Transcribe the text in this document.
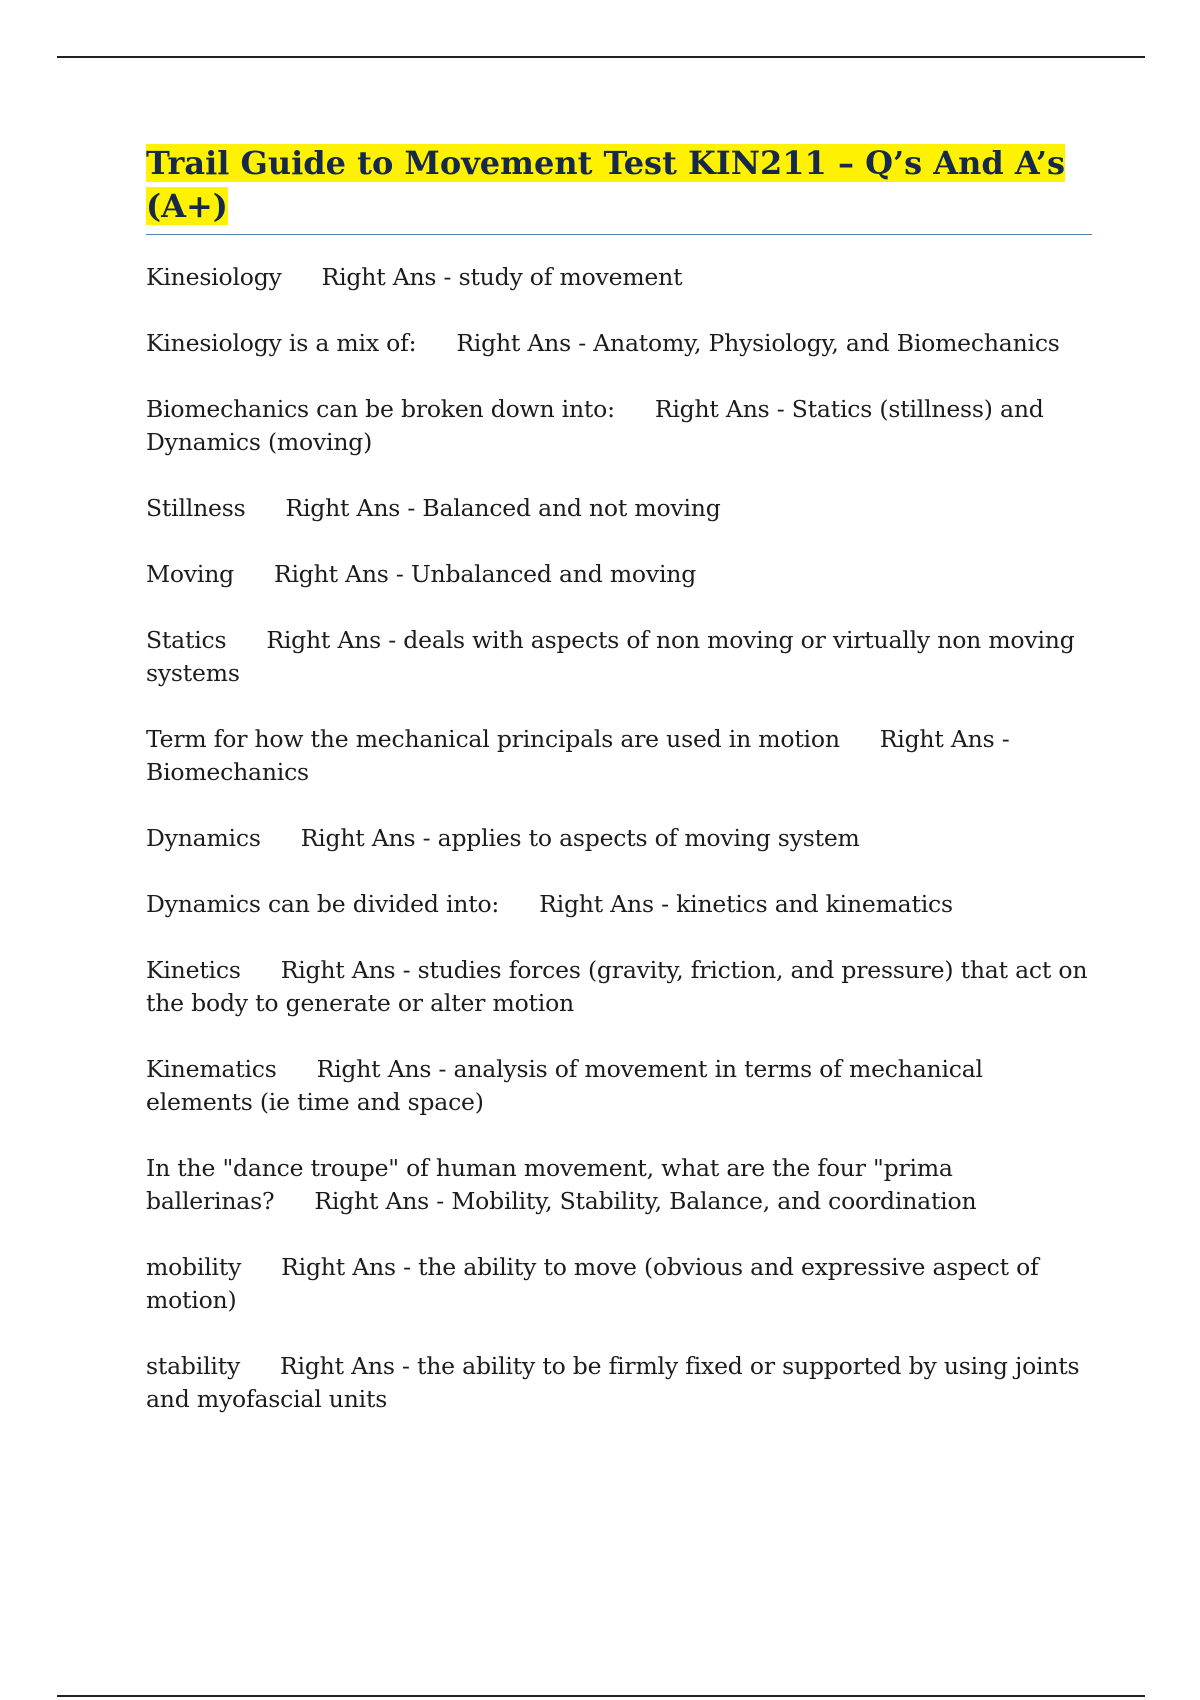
Trail Guide to Movement Test KIN211 – Q’s And A’s (A+)

Kinesiology Right Ans - study of movement

Kinesiology is a mix of: Right Ans - Anatomy, Physiology, and Biomechanics

Biomechanics can be broken down into: Right Ans - Statics (stillness) and Dynamics (moving)

Stillness Right Ans - Balanced and not moving

Moving Right Ans - Unbalanced and moving

Statics Right Ans - deals with aspects of non moving or virtually non moving systems

Term for how the mechanical principals are used in motion Right Ans - Biomechanics

Dynamics Right Ans - applies to aspects of moving system

Dynamics can be divided into: Right Ans - kinetics and kinematics

Kinetics Right Ans - studies forces (gravity, friction, and pressure) that act on the body to generate or alter motion

Kinematics Right Ans - analysis of movement in terms of mechanical elements (ie time and space)

In the "dance troupe" of human movement, what are the four "prima ballerinas? Right Ans - Mobility, Stability, Balance, and coordination

mobility Right Ans - the ability to move (obvious and expressive aspect of motion)

stability Right Ans - the ability to be firmly fixed or supported by using joints and myofascial units
